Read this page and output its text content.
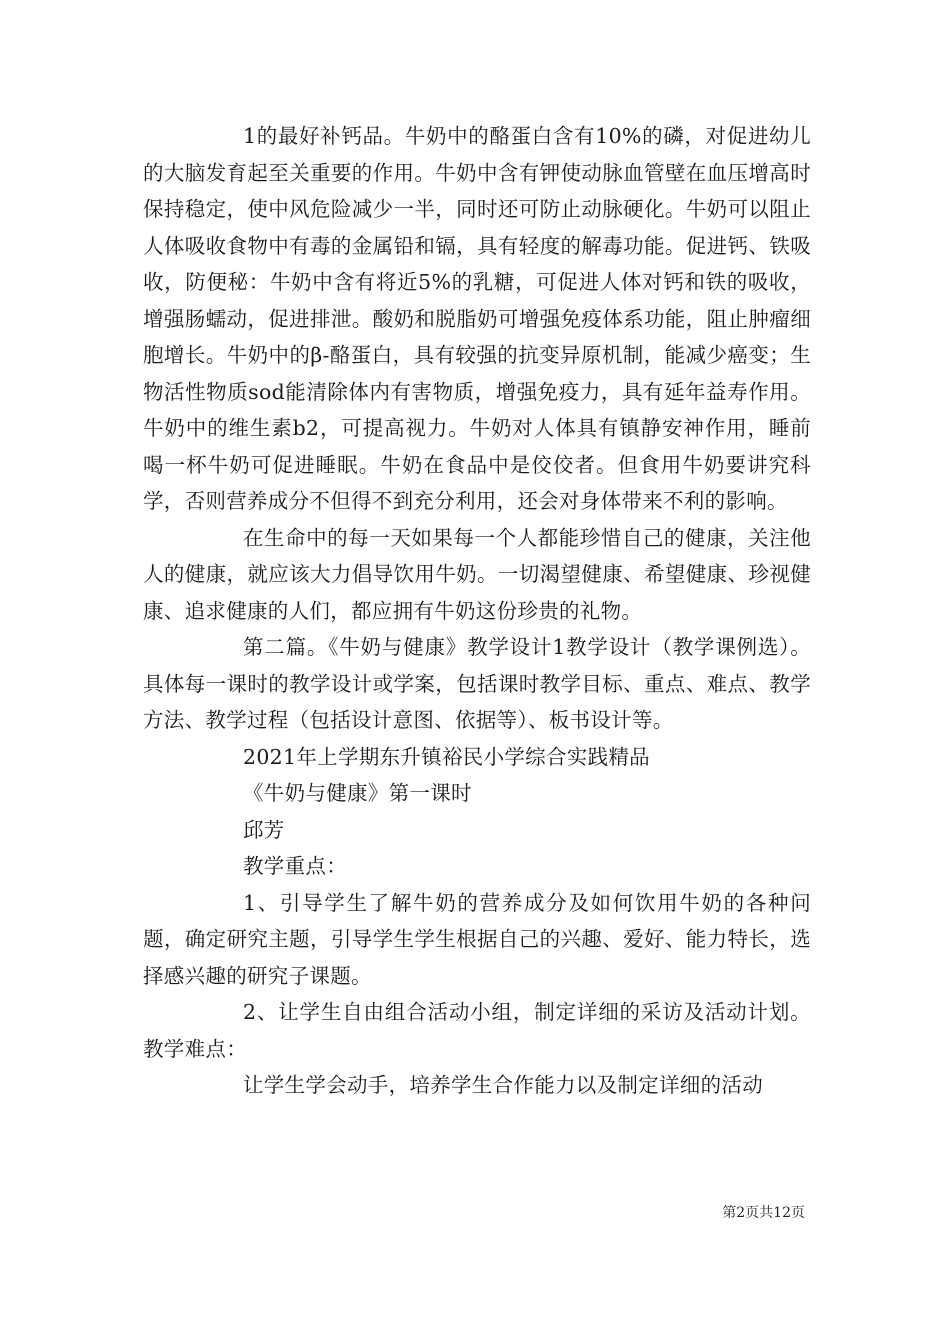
1的最好补钙品。牛奶中的酪蛋白含有10%的磷，对促进幼儿的大脑发育起至关重要的作用。牛奶中含有钾使动脉血管壁在血压增高时保持稳定，使中风危险减少一半，同时还可防止动脉硬化。牛奶可以阻止人体吸收食物中有毒的金属铅和镉，具有轻度的解毒功能。促进钙、铁吸收，防便秘：牛奶中含有将近5%的乳糖，可促进人体对钙和铁的吸收，增强肠蠕动，促进排泄。酸奶和脱脂奶可增强免疫体系功能，阻止肿瘤细胞增长。牛奶中的β-酪蛋白，具有较强的抗变异原机制，能减少癌变；生物活性物质sod能清除体内有害物质，增强免疫力，具有延年益寿作用。牛奶中的维生素b2，可提高视力。牛奶对人体具有镇静安神作用，睡前喝一杯牛奶可促进睡眠。牛奶在食品中是佼佼者。但食用牛奶要讲究科学，否则营养成分不但得不到充分利用，还会对身体带来不利的影响。

在生命中的每一天如果每一个人都能珍惜自己的健康，关注他人的健康，就应该大力倡导饮用牛奶。一切渴望健康、希望健康、珍视健康、追求健康的人们，都应拥有牛奶这份珍贵的礼物。

第二篇。《牛奶与健康》教学设计1教学设计（教学课例选）。具体每一课时的教学设计或学案，包括课时教学目标、重点、难点、教学方法、教学过程（包括设计意图、依据等）、板书设计等。

2021年上学期东升镇裕民小学综合实践精品

《牛奶与健康》第一课时

邱芳

教学重点：

1、引导学生了解牛奶的营养成分及如何饮用牛奶的各种问题，确定研究主题，引导学生学生根据自己的兴趣、爱好、能力特长，选择感兴趣的研究子课题。

2、让学生自由组合活动小组，制定详细的采访及活动计划。教学难点：

让学生学会动手，培养学生合作能力以及制定详细的活动

第2页共12页
